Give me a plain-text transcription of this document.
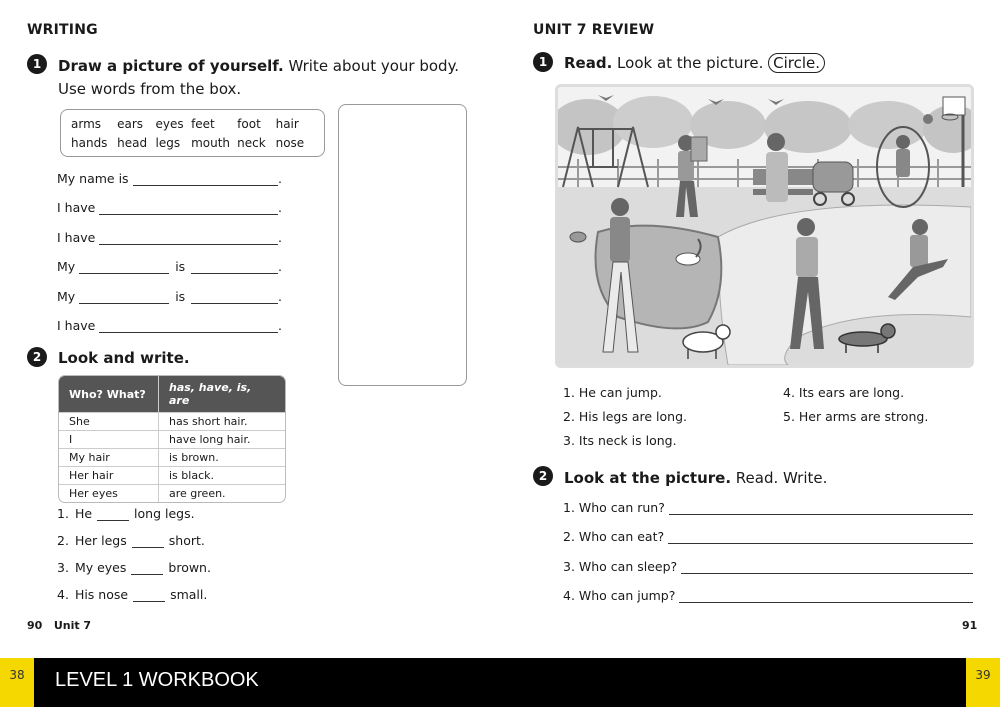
WRITING
1	Draw a picture of yourself. Write about your body.
Use words from the box.
arms	ears	eyes feet	foot	hair
hands head legs mouth neck nose
My name is	.
I have	.
I have	.
My	is	.
My	is	.
I have	.
2	Look and write.
Who? What?	has, have, is, are
She	has short hair.
I	have long hair.
My hair	is brown.
Her hair	is black.
Her eyes	are green.
1. He	long legs.
2. Her legs	short.
3. My eyes	brown.
4. His nose	small.
90 Unit 7
UNIT 7 REVIEW
1	Read. Look at the picture. Circle.
1. He can jump.
2. His legs are long.
3. Its neck is long.
4. Its ears are long.
5. Her arms are strong.
2	Look at the picture. Read. Write.
1. Who can run?
2. Who can eat?
3. Who can sleep?
4. Who can jump?
91
38	LEVEL 1 WORKBOOK	39
